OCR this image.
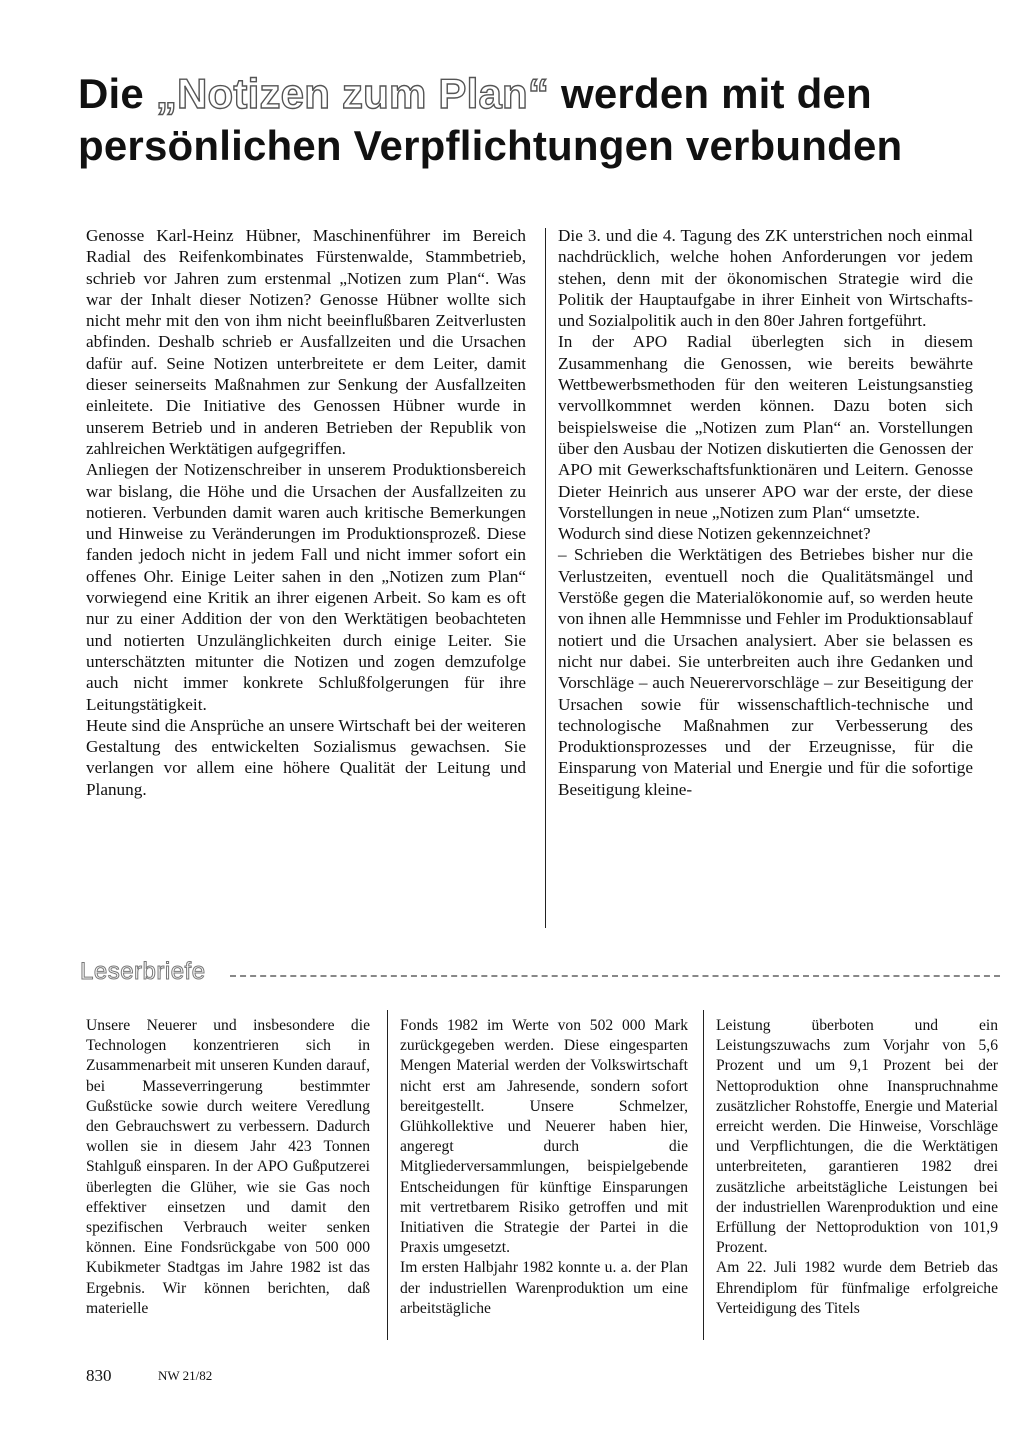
Die „Notizen zum Plan“ werden mit den persönlichen Verpflichtungen verbunden

Genosse Karl-Heinz Hübner, Maschinenführer im Bereich Radial des Reifenkombinates Fürstenwalde, Stammbetrieb, schrieb vor Jahren zum erstenmal „Notizen zum Plan“. Was war der Inhalt dieser Notizen? Genosse Hübner wollte sich nicht mehr mit den von ihm nicht beeinflußbaren Zeitverlusten abfinden. Deshalb schrieb er Ausfallzeiten und die Ursachen dafür auf. Seine Notizen unterbreitete er dem Leiter, damit dieser seinerseits Maßnahmen zur Senkung der Ausfallzeiten einleitete. Die Initiative des Genossen Hübner wurde in unserem Betrieb und in anderen Betrieben der Republik von zahlreichen Werktätigen aufgegriffen.

Anliegen der Notizenschreiber in unserem Produktionsbereich war bislang, die Höhe und die Ursachen der Ausfallzeiten zu notieren. Verbunden damit waren auch kritische Bemerkungen und Hinweise zu Veränderungen im Produktionsprozeß. Diese fanden jedoch nicht in jedem Fall und nicht immer sofort ein offenes Ohr. Einige Leiter sahen in den „Notizen zum Plan“ vorwiegend eine Kritik an ihrer eigenen Arbeit. So kam es oft nur zu einer Addition der von den Werktätigen beobachteten und notierten Unzulänglichkeiten durch einige Leiter. Sie unterschätzten mitunter die Notizen und zogen demzufolge auch nicht immer konkrete Schlußfolgerungen für ihre Leitungstätigkeit.

Heute sind die Ansprüche an unsere Wirtschaft bei der weiteren Gestaltung des entwickelten Sozialismus gewachsen. Sie verlangen vor allem eine höhere Qualität der Leitung und Planung.

Die 3. und die 4. Tagung des ZK unterstrichen noch einmal nachdrücklich, welche hohen Anforderungen vor jedem stehen, denn mit der ökonomischen Strategie wird die Politik der Hauptaufgabe in ihrer Einheit von Wirtschafts- und Sozialpolitik auch in den 80er Jahren fortgeführt.

In der APO Radial überlegten sich in diesem Zusammenhang die Genossen, wie bereits bewährte Wettbewerbsmethoden für den weiteren Leistungsanstieg vervollkommnet werden können. Dazu boten sich beispielsweise die „Notizen zum Plan“ an. Vorstellungen über den Ausbau der Notizen diskutierten die Genossen der APO mit Gewerkschaftsfunktionären und Leitern. Genosse Dieter Heinrich aus unserer APO war der erste, der diese Vorstellungen in neue „Notizen zum Plan“ umsetzte.

Wodurch sind diese Notizen gekennzeichnet?

– Schrieben die Werktätigen des Betriebes bisher nur die Verlustzeiten, eventuell noch die Qualitätsmängel und Verstöße gegen die Materialökonomie auf, so werden heute von ihnen alle Hemmnisse und Fehler im Produktionsablauf notiert und die Ursachen analysiert. Aber sie belassen es nicht nur dabei. Sie unterbreiten auch ihre Gedanken und Vorschläge – auch Neuerervorschläge – zur Beseitigung der Ursachen sowie für wissenschaftlich-technische und technologische Maßnahmen zur Verbesserung des Produktionsprozesses und der Erzeugnisse, für die Einsparung von Material und Energie und für die sofortige Beseitigung kleine-

Leserbriefe

Unsere Neuerer und insbesondere die Technologen konzentrieren sich in Zusammenarbeit mit unseren Kunden darauf, bei Masseverringerung bestimmter Gußstücke sowie durch weitere Veredlung den Gebrauchswert zu verbessern. Dadurch wollen sie in diesem Jahr 423 Tonnen Stahlguß einsparen. In der APO Gußputzerei überlegten die Glüher, wie sie Gas noch effektiver einsetzen und damit den spezifischen Verbrauch weiter senken können. Eine Fondsrückgabe von 500 000 Kubikmeter Stadtgas im Jahre 1982 ist das Ergebnis. Wir können berichten, daß materielle

Fonds 1982 im Werte von 502 000 Mark zurückgegeben werden. Diese eingesparten Mengen Material werden der Volkswirtschaft nicht erst am Jahresende, sondern sofort bereitgestellt. Unsere Schmelzer, Glühkollektive und Neuerer haben hier, angeregt durch die Mitgliederversammlungen, beispielgebende Entscheidungen für künftige Einsparungen mit vertretbarem Risiko getroffen und mit Initiativen die Strategie der Partei in die Praxis umgesetzt.

Im ersten Halbjahr 1982 konnte u. a. der Plan der industriellen Warenproduktion um eine arbeitstägliche

Leistung überboten und ein Leistungszuwachs zum Vorjahr von 5,6 Prozent und um 9,1 Prozent bei der Nettoproduktion ohne Inanspruchnahme zusätzlicher Rohstoffe, Energie und Material erreicht werden. Die Hinweise, Vorschläge und Verpflichtungen, die die Werktätigen unterbreiteten, garantieren 1982 drei zusätzliche arbeitstägliche Leistungen bei der industriellen Warenproduktion und eine Erfüllung der Nettoproduktion von 101,9 Prozent.

Am 22. Juli 1982 wurde dem Betrieb das Ehrendiplom für fünfmalige erfolgreiche Verteidigung des Titels

830	NW 21/82
